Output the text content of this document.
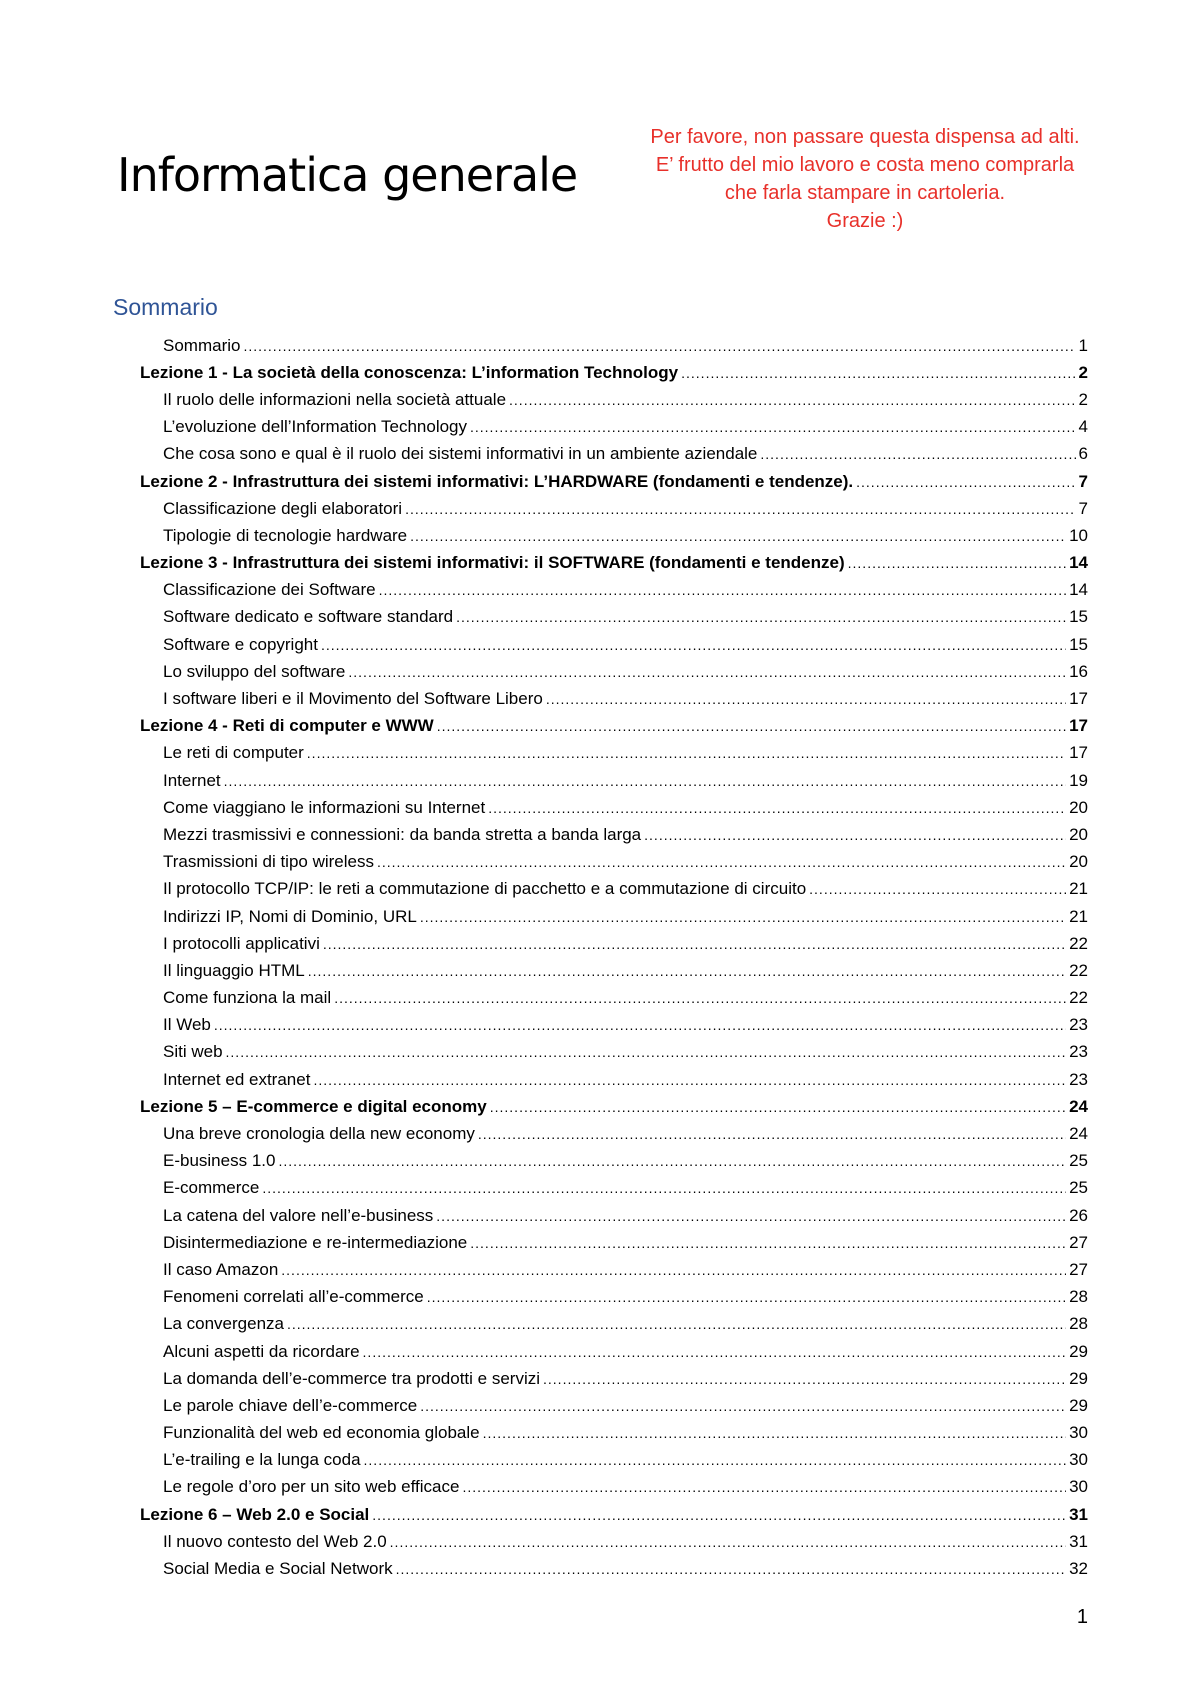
Informatica generale
Per favore, non passare questa dispensa ad alti.
E’ frutto del mio lavoro e costa meno comprarla
che farla stampare in cartoleria.
Grazie :)
Sommario
Sommario .....	1
Lezione 1 - La società della conoscenza: L’information Technology .....	2
Il ruolo delle informazioni nella società attuale .....	2
L’evoluzione dell’Information Technology .....	4
Che cosa sono e qual è il ruolo dei sistemi informativi in un ambiente aziendale .....	6
Lezione 2 - Infrastruttura dei sistemi informativi: L’HARDWARE (fondamenti e tendenze). .....	7
Classificazione degli elaboratori .....	7
Tipologie di tecnologie hardware .....	10
Lezione 3 - Infrastruttura dei sistemi informativi: il SOFTWARE (fondamenti e tendenze) .....	14
Classificazione dei Software .....	14
Software dedicato e software standard .....	15
Software e copyright .....	15
Lo sviluppo del software .....	16
I software liberi e il Movimento del Software Libero .....	17
Lezione 4 - Reti di computer e WWW .....	17
Le reti di computer .....	17
Internet .....	19
Come viaggiano le informazioni su Internet .....	20
Mezzi trasmissivi e connessioni: da banda stretta a banda larga .....	20
Trasmissioni di tipo wireless .....	20
Il protocollo TCP/IP: le reti a commutazione di pacchetto e a commutazione di circuito .....	21
Indirizzi IP, Nomi di Dominio, URL .....	21
I protocolli applicativi .....	22
Il linguaggio HTML .....	22
Come funziona la mail .....	22
Il Web .....	23
Siti web .....	23
Internet ed extranet .....	23
Lezione 5 – E-commerce e digital economy .....	24
Una breve cronologia della new economy .....	24
E-business 1.0 .....	25
E-commerce .....	25
La catena del valore nell’e-business .....	26
Disintermediazione e re-intermediazione .....	27
Il caso Amazon .....	27
Fenomeni correlati all’e-commerce .....	28
La convergenza .....	28
Alcuni aspetti da ricordare .....	29
La domanda dell’e-commerce tra prodotti e servizi .....	29
Le parole chiave dell’e-commerce .....	29
Funzionalità del web ed economia globale .....	30
L’e-trailing e la lunga coda .....	30
Le regole d’oro per un sito web efficace .....	30
Lezione 6 – Web 2.0 e Social .....	31
Il nuovo contesto del Web 2.0 .....	31
Social Media e Social Network .....	32
1
